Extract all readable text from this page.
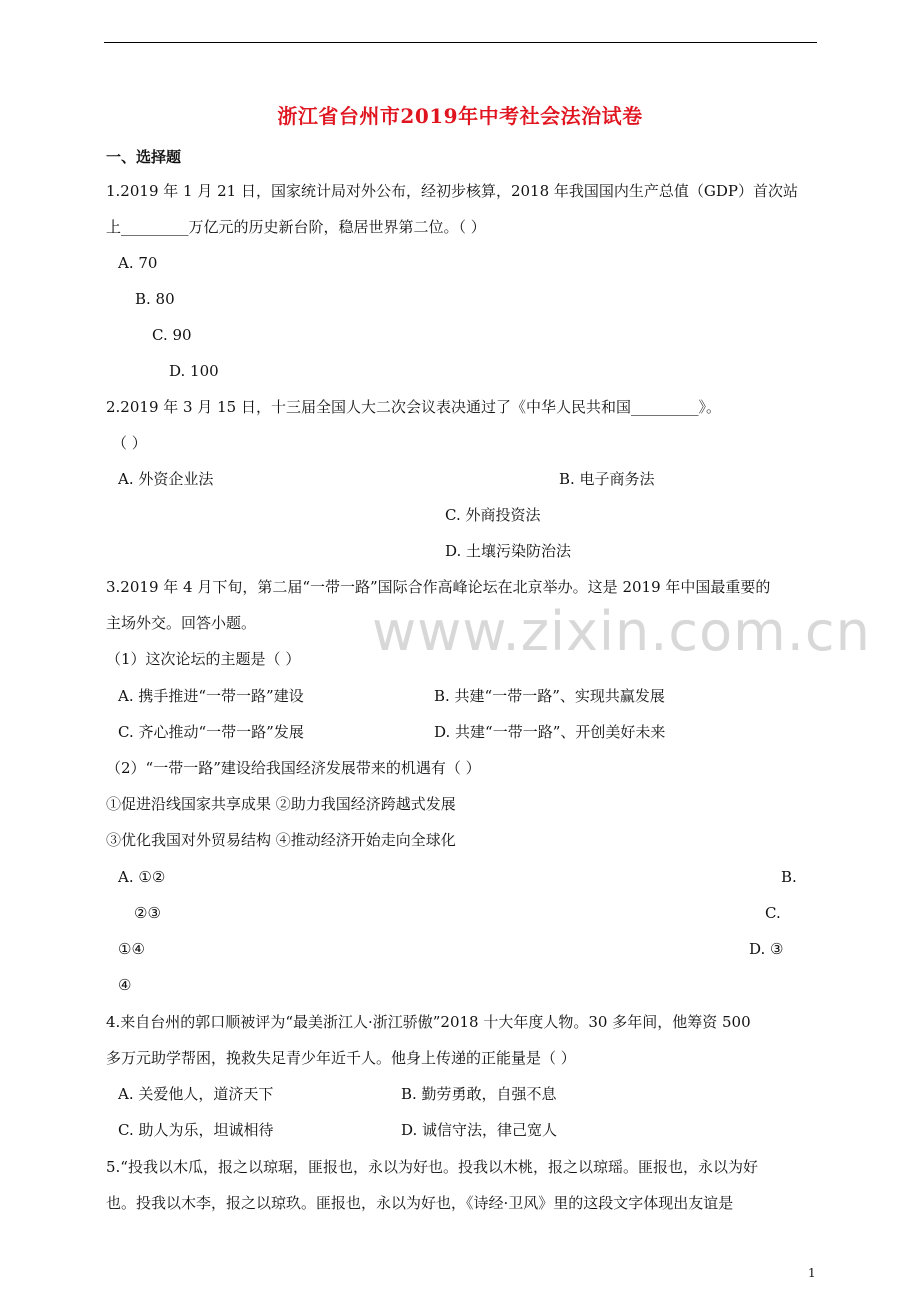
浙江省台州市2019年中考社会法治试卷
一、选择题
1.2019 年 1 月 21 日，国家统计局对外公布，经初步核算，2018 年我国国内生产总值（GDP）首次站
上_________万亿元的历史新台阶，稳居世界第二位。（ ）
A. 70
B. 80
C. 90
D. 100
2.2019 年 3 月 15 日，十三届全国人大二次会议表决通过了《中华人民共和国_________》。
（ ）
A. 外资企业法	B. 电子商务法
C. 外商投资法
D. 土壤污染防治法
3.2019 年 4 月下旬，第二届“一带一路”国际合作高峰论坛在北京举办。这是 2019 年中国最重要的
主场外交。回答小题。 www.zixin.com.cn
（1）这次论坛的主题是（ ）
A. 携手推进“一带一路”建设	B. 共建“一带一路”、实现共赢发展
C. 齐心推动“一带一路”发展	D. 共建“一带一路”、开创美好未来
（2）“一带一路”建设给我国经济发展带来的机遇有（ ）
①促进沿线国家共享成果 ②助力我国经济跨越式发展
③优化我国对外贸易结构 ④推动经济开始走向全球化
A. ①②	B.
②③	C.
①④	D. ③
④
4.来自台州的郭口顺被评为“最美浙江人·浙江骄傲”2018 十大年度人物。30 多年间，他筹资 500
多万元助学帮困，挽救失足青少年近千人。他身上传递的正能量是（ ）
A. 关爱他人，道济天下	B. 勤劳勇敢，自强不息
C. 助人为乐，坦诚相待	D. 诚信守法，律己宽人
5.“投我以木瓜，报之以琼琚，匪报也，永以为好也。投我以木桃，报之以琼瑶。匪报也，永以为好
也。投我以木李，报之以琼玖。匪报也，永以为好也，《诗经·卫风》里的这段文字体现出友谊是
1
